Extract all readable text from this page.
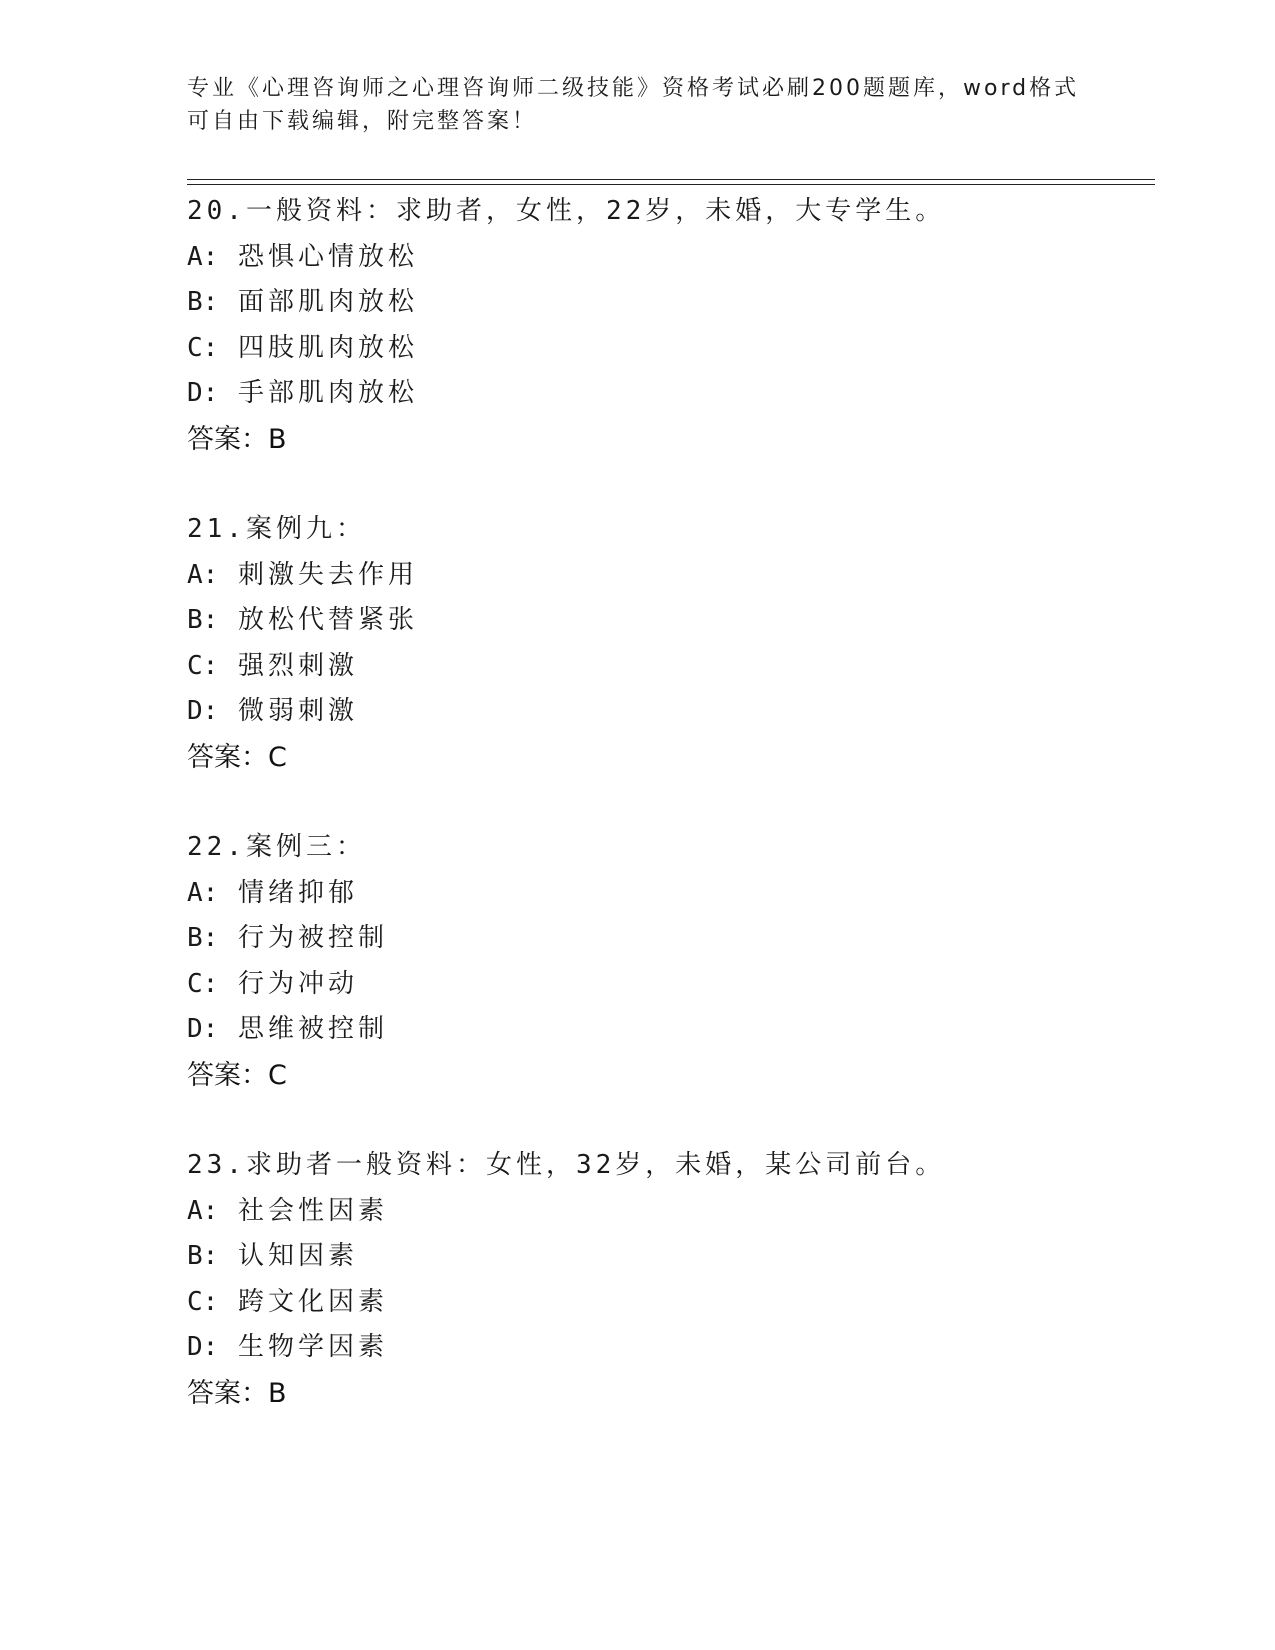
专业《心理咨询师之心理咨询师二级技能》资格考试必刷200题题库，word格式
可自由下载编辑，附完整答案！
20.一般资料：求助者，女性，22岁，未婚，大专学生。
A: 恐惧心情放松
B: 面部肌肉放松
C: 四肢肌肉放松
D: 手部肌肉放松
答案：B
21.案例九：
A: 刺激失去作用
B: 放松代替紧张
C: 强烈刺激
D: 微弱刺激
答案：C
22.案例三：
A: 情绪抑郁
B: 行为被控制
C: 行为冲动
D: 思维被控制
答案：C
23.求助者一般资料：女性，32岁，未婚，某公司前台。
A: 社会性因素
B: 认知因素
C: 跨文化因素
D: 生物学因素
答案：B
